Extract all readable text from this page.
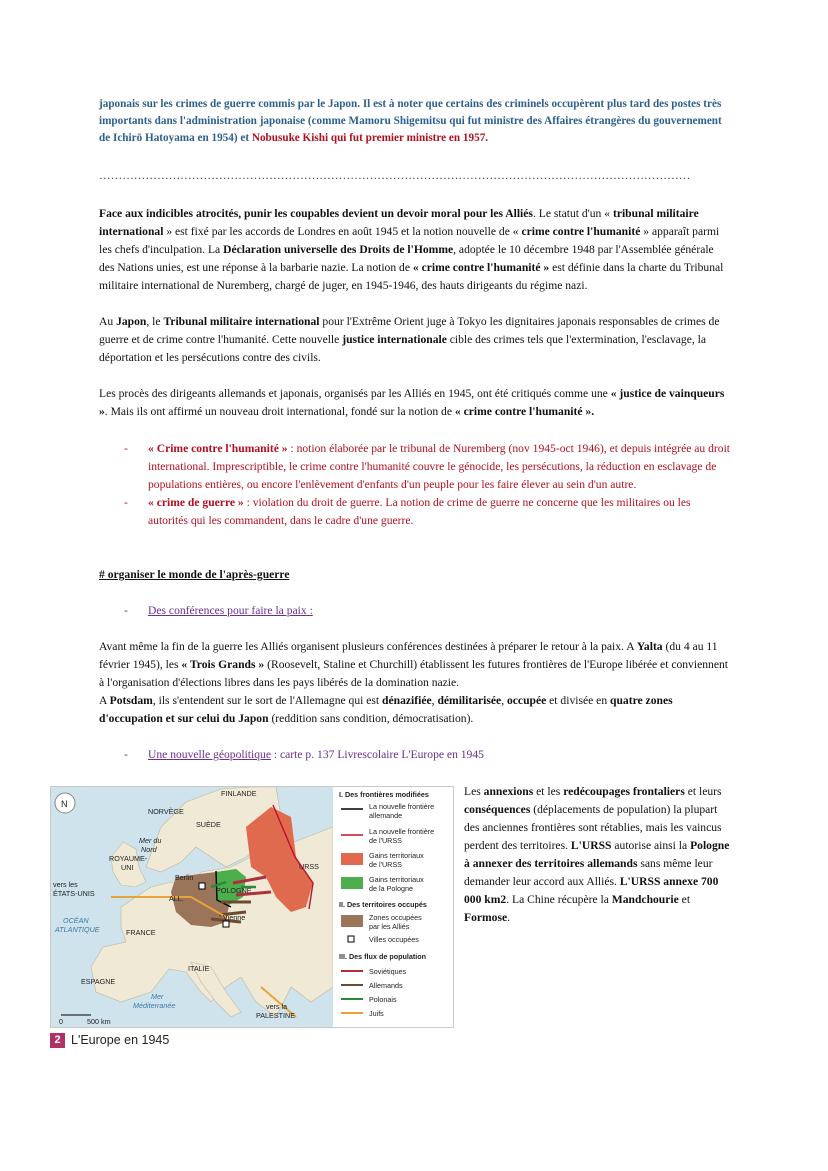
japonais sur les crimes de guerre commis par le Japon. Il est à noter que certains des criminels occupèrent plus tard des postes très importants dans l'administration japonaise (comme Mamoru Shigemitsu qui fut ministre des Affaires étrangères du gouvernement de Ichirō Hatoyama en 1954) et Nobusuke Kishi qui fut premier ministre en 1957.
………………………………………………………………………………………………………………………………………
Face aux indicibles atrocités, punir les coupables devient un devoir moral pour les Alliés. Le statut d'un « tribunal militaire international » est fixé par les accords de Londres en août 1945 et la notion nouvelle de « crime contre l'humanité » apparaît parmi les chefs d'inculpation. La Déclaration universelle des Droits de l'Homme, adoptée le 10 décembre 1948 par l'Assemblée générale des Nations unies, est une réponse à la barbarie nazie. La notion de « crime contre l'humanité » est définie dans la charte du Tribunal militaire international de Nuremberg, chargé de juger, en 1945-1946, des hauts dirigeants du régime nazi.
Au Japon, le Tribunal militaire international pour l'Extrême Orient juge à Tokyo les dignitaires japonais responsables de crimes de guerre et de crime contre l'humanité. Cette nouvelle justice internationale cible des crimes tels que l'extermination, l'esclavage, la déportation et les persécutions contre des civils.
Les procès des dirigeants allemands et japonais, organisés par les Alliés en 1945, ont été critiqués comme une « justice de vainqueurs ». Mais ils ont affirmé un nouveau droit international, fondé sur la notion de « crime contre l'humanité ».
- « Crime contre l'humanité » : notion élaborée par le tribunal de Nuremberg (nov 1945-oct 1946), et depuis intégrée au droit international. Imprescriptible, le crime contre l'humanité couvre le génocide, les persécutions, la réduction en esclavage de populations entières, ou encore l'enlèvement d'enfants d'un peuple pour les faire élever au sein d'un autre.
- « crime de guerre » : violation du droit de guerre. La notion de crime de guerre ne concerne que les militaires ou les autorités qui les commandent, dans le cadre d'une guerre.
# organiser le monde de l'après-guerre
- Des conférences pour faire la paix :
Avant même la fin de la guerre les Alliés organisent plusieurs conférences destinées à préparer le retour à la paix. A Yalta (du 4 au 11 février 1945), les « Trois Grands » (Roosevelt, Staline et Churchill) établissent les futures frontières de l'Europe libérée et conviennent à l'organisation d'élections libres dans les pays libérés de la domination nazie.
A Potsdam, ils s'entendent sur le sort de l'Allemagne qui est dénazifiée, démilitarisée, occupée et divisée en quatre zones d'occupation et sur celui du Japon (reddition sans condition, démocratisation).
- Une nouvelle géopolitique : carte p. 137 Livrescolaire L'Europe en 1945
N
FINLANDE
NORVÈGE
SUÈDE
Mer du
Nord
ROYAUME-
UNI
Berlin
POLOGNE
ALL.
URSS
Vienne
vers les
ÉTATS-UNIS
OCÉAN
ATLANTIQUE	FRANCE
ITALIE
ESPAGNE
Mer
Méditerranée	vers la
PALESTINE
0	500 km
I. Des frontières modifiées
La nouvelle frontière
allemande
La nouvelle frontière
de l'URSS
Gains territoriaux
de l'URSS
Gains territoriaux
de la Pologne
II. Des territoires occupés
Zones occupées
par les Alliés
Villes occupées
III. Des flux de population
Soviétiques
Allemands
Polonais
Juifs
Les annexions et les redécoupages frontaliers et leurs conséquences (déplacements de population) la plupart des anciennes frontières sont rétablies, mais les vaincus perdent des territoires. L'URSS autorise ainsi la Pologne à annexer des territoires allemands sans même leur demander leur accord aux Alliés. L'URSS annexe 700 000 km2. La Chine récupère la Mandchourie et Formose.
2 L'Europe en 1945
